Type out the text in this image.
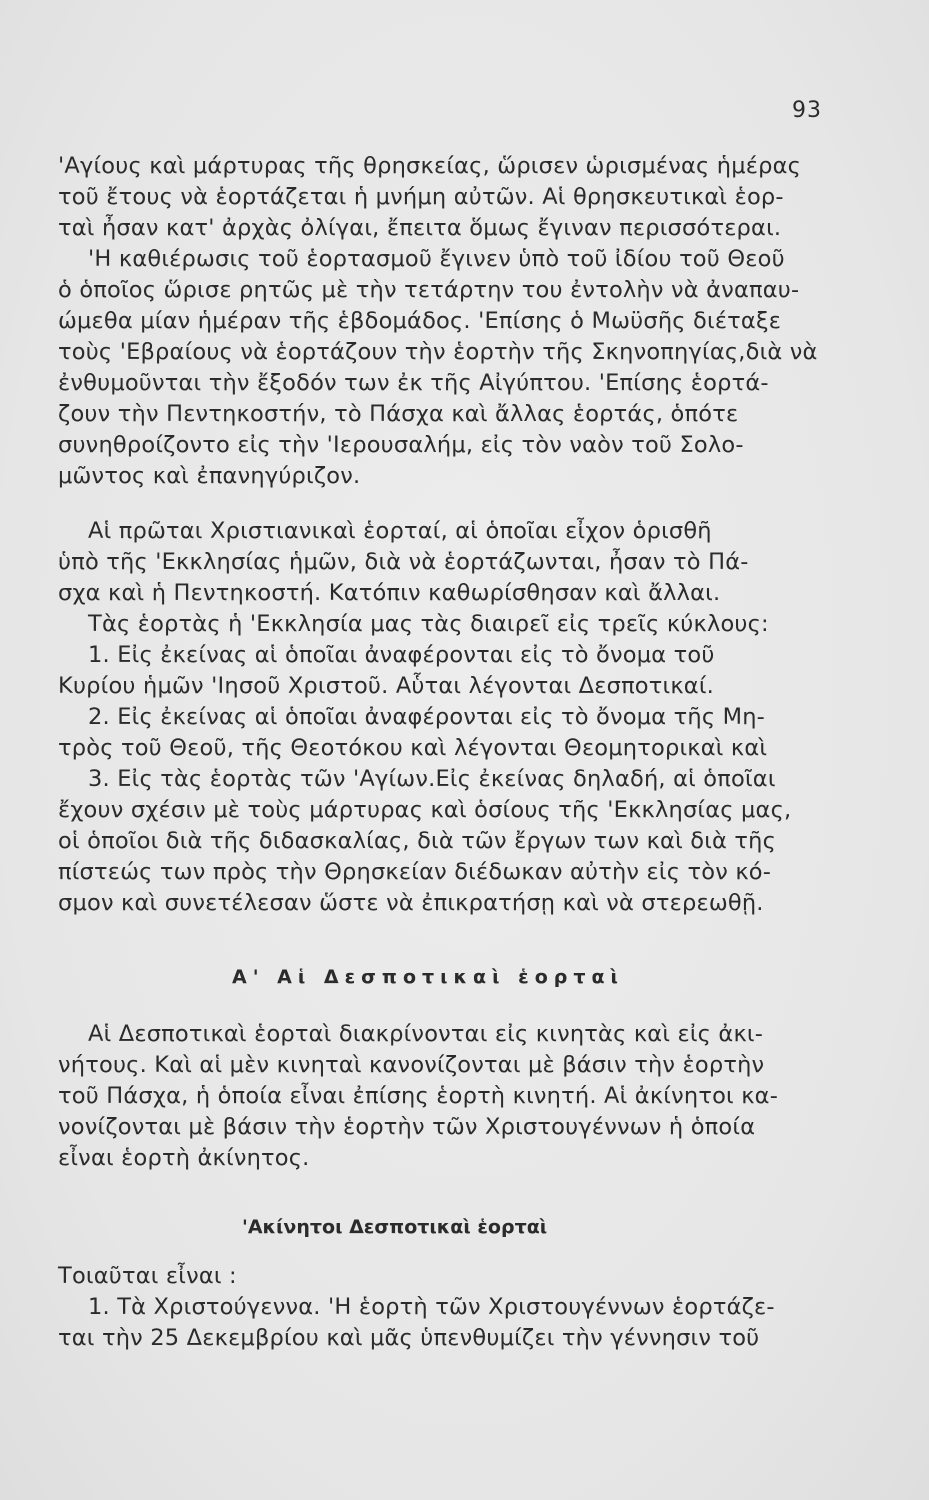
93
'Αγίους καὶ μάρτυρας τῆς θρησκείας, ὥρισεν ὡρισμένας ἡμέρας
τοῦ ἔτους νὰ ἑορτάζεται ἡ μνήμη αὐτῶν. Αἱ θρησκευτικαὶ ἑορ-
ταὶ ἦσαν κατ' ἀρχὰς ὀλίγαι, ἔπειτα ὅμως ἔγιναν περισσότεραι.
'Η καθιέρωσις τοῦ ἑορτασμοῦ ἔγινεν ὑπὸ τοῦ ἰδίου τοῦ Θεοῦ
ὁ ὁποῖος ὥρισε ρητῶς μὲ τὴν τετάρτην του ἐντολὴν νὰ ἀναπαυ-
ώμεθα μίαν ἡμέραν τῆς ἑβδομάδος. 'Επίσης ὁ Μωϋσῆς διέταξε
τοὺς 'Εβραίους νὰ ἑορτάζουν τὴν ἑορτὴν τῆς Σκηνοπηγίας,διὰ νὰ
ἐνθυμοῦνται τὴν ἔξοδόν των ἐκ τῆς Αἰγύπτου. 'Επίσης ἑορτά-
ζουν τὴν Πεντηκοστήν, τὸ Πάσχα καὶ ἄλλας ἑορτάς, ὁπότε
συνηθροίζοντο εἰς τὴν 'Ιερουσαλήμ, εἰς τὸν ναὸν τοῦ Σολο-
μῶντος καὶ ἐπανηγύριζον.
Αἱ πρῶται Χριστιανικαὶ ἑορταί, αἱ ὁποῖαι εἶχον ὁρισθῆ
ὑπὸ τῆς 'Εκκλησίας ἡμῶν, διὰ νὰ ἑορτάζωνται, ἦσαν τὸ Πά-
σχα καὶ ἡ Πεντηκοστή. Κατόπιν καθωρίσθησαν καὶ ἄλλαι.
Τὰς ἑορτὰς ἡ 'Εκκλησία μας τὰς διαιρεῖ εἰς τρεῖς κύκλους:
1. Εἰς ἐκείνας αἱ ὁποῖαι ἀναφέρονται εἰς τὸ ὄνομα τοῦ
Κυρίου ἡμῶν 'Ιησοῦ Χριστοῦ. Αὗται λέγονται Δεσποτικαί.
2. Εἰς ἐκείνας αἱ ὁποῖαι ἀναφέρονται εἰς τὸ ὄνομα τῆς Μη-
τρὸς τοῦ Θεοῦ, τῆς Θεοτόκου καὶ λέγονται Θεομητορικαὶ καὶ
3. Εἰς τὰς ἑορτὰς τῶν 'Αγίων.Εἰς ἐκείνας δηλαδή, αἱ ὁποῖαι
ἔχουν σχέσιν μὲ τοὺς μάρτυρας καὶ ὁσίους τῆς 'Εκκλησίας μας,
οἱ ὁποῖοι διὰ τῆς διδασκαλίας, διὰ τῶν ἔργων των καὶ διὰ τῆς
πίστεώς των πρὸς τὴν Θρησκείαν διέδωκαν αὐτὴν εἰς τὸν κό-
σμον καὶ συνετέλεσαν ὥστε νὰ ἐπικρατήσῃ καὶ νὰ στερεωθῇ.
Α' Αἱ Δεσποτικαὶ ἑορταὶ
Αἱ Δεσποτικαὶ ἑορταὶ διακρίνονται εἰς κινητὰς καὶ εἰς ἀκι-
νήτους. Καὶ αἱ μὲν κινηταὶ κανονίζονται μὲ βάσιν τὴν ἑορτὴν
τοῦ Πάσχα, ἡ ὁποία εἶναι ἐπίσης ἑορτὴ κινητή. Αἱ ἀκίνητοι κα-
νονίζονται μὲ βάσιν τὴν ἑορτὴν τῶν Χριστουγέννων ἡ ὁποία
εἶναι ἑορτὴ ἀκίνητος.
'Ακίνητοι Δεσποτικαὶ ἑορταὶ
Τοιαῦται εἶναι :
1. Τὰ Χριστούγεννα. 'Η ἑορτὴ τῶν Χριστουγέννων ἑορτάζε-
ται τὴν 25 Δεκεμβρίου καὶ μᾶς ὑπενθυμίζει τὴν γέννησιν τοῦ
